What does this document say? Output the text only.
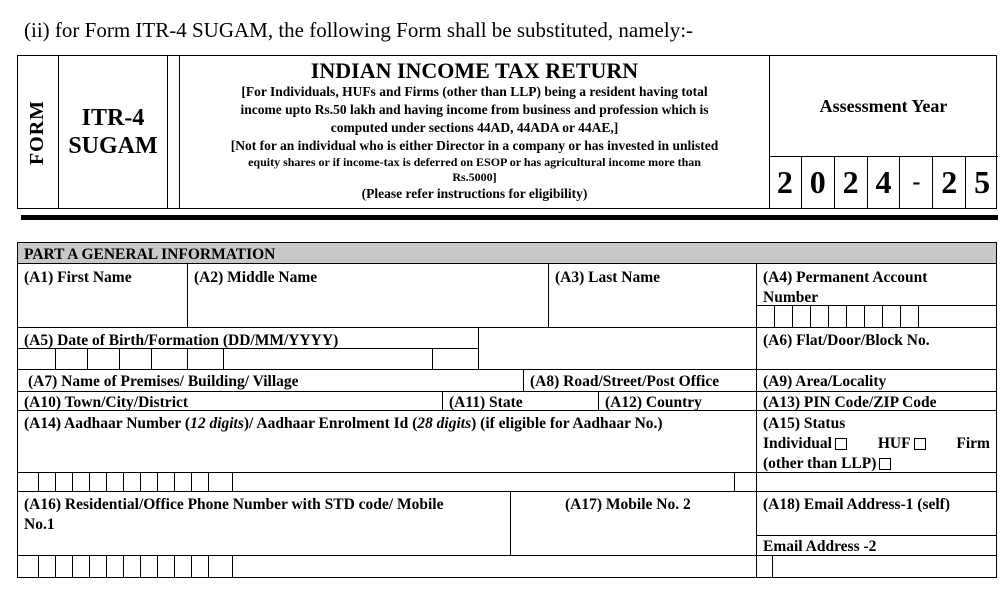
(ii) for Form ITR-4 SUGAM, the following Form shall be substituted, namely:-
FORM ITR-4
SUGAM
INDIAN INCOME TAX RETURN
[For Individuals, HUFs and Firms (other than LLP) being a resident having total
income upto Rs.50 lakh and having income from business and profession which is
computed under sections 44AD, 44ADA or 44AE,]
[Not for an individual who is either Director in a company or has invested in unlisted
equity shares or if income-tax is deferred on ESOP or has agricultural income more than
Rs.5000]
(Please refer instructions for eligibility)
Assessment Year
2 0 2 4 - 2 5
PART A GENERAL INFORMATION
(A1) First Name	(A2) Middle Name	(A3) Last Name	(A4) Permanent Account
Number
(A5) Date of Birth/Formation (DD/MM/YYYY)	(A6) Flat/Door/Block No.
(A7) Name of Premises/ Building/ Village	(A8) Road/Street/Post Office	(A9) Area/Locality
(A10) Town/City/District	(A11) State	(A12) Country	(A13) PIN Code/ZIP Code
(A14) Aadhaar Number (12 digits)/ Aadhaar Enrolment Id (28 digits) (if eligible for Aadhaar No.)	(A15) Status
Individual	HUF	Firm
(other than LLP)
(A16) Residential/Office Phone Number with STD code/ Mobile
No.1
(A17) Mobile No. 2	(A18) Email Address-1 (self)
Email Address -2
